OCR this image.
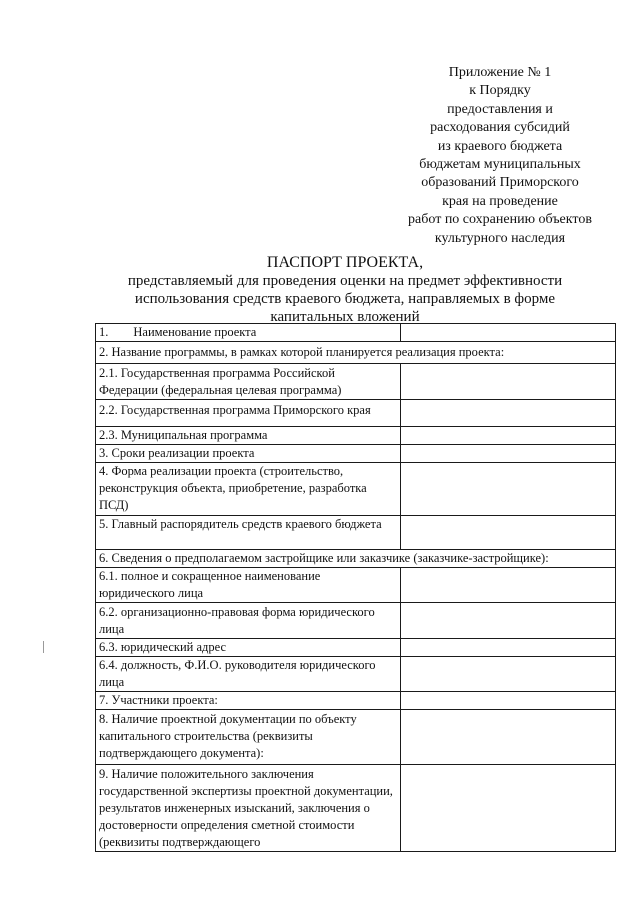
Приложение № 1
к Порядку
предоставления и
расходования субсидий
из краевого бюджета
бюджетам муниципальных
образований Приморского
края на проведение
работ по сохранению объектов
культурного наследия
ПАСПОРТ ПРОЕКТА,
представляемый для проведения оценки на предмет эффективности
использования средств краевого бюджета, направляемых в форме
капитальных вложений
1.        Наименование проекта	
2. Название программы, в рамках которой планируется реализация проекта:	
2.1. Государственная программа Российской Федерации (федеральная целевая программа)	
2.2. Государственная программа Приморского края	
2.3. Муниципальная программа	
3. Сроки реализации проекта	
4. Форма реализации проекта (строительство, реконструкция объекта, приобретение, разработка ПСД)	
5. Главный распорядитель средств краевого бюджета	
6. Сведения о предполагаемом застройщике или заказчике (заказчике-застройщике):	
6.1. полное и сокращенное наименование юридического лица	
6.2. организационно-правовая форма юридического лица	
6.3. юридический адрес	
6.4. должность, Ф.И.О. руководителя юридического лица	
7. Участники проекта:	
8. Наличие проектной документации по объекту капитального строительства (реквизиты подтверждающего документа):	
9. Наличие положительного заключения государственной экспертизы проектной документации, результатов инженерных изысканий, заключения о достоверности определения сметной стоимости (реквизиты подтверждающего	
